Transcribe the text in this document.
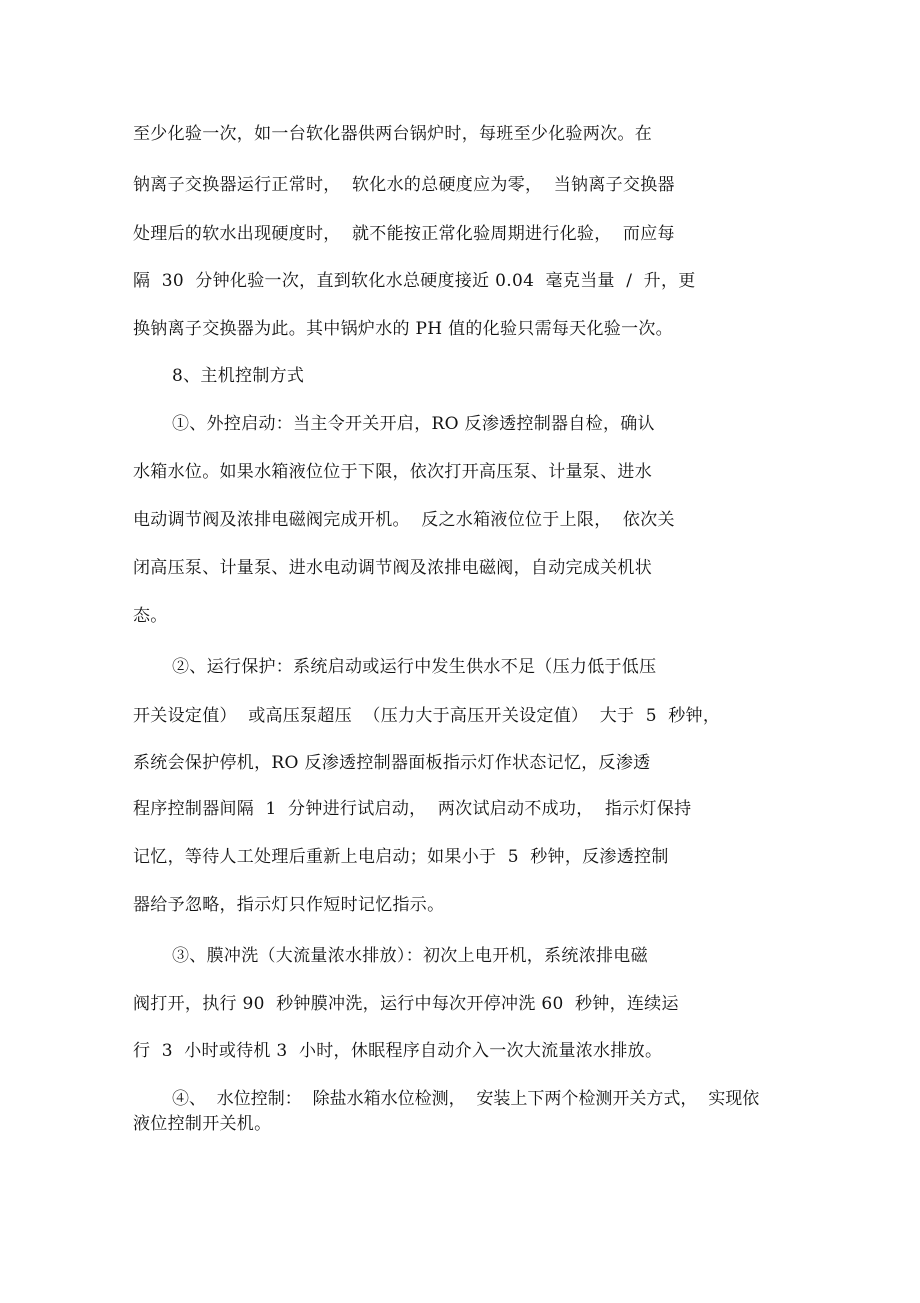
至少化验一次，如一台软化器供两台锅炉时，每班至少化验两次。在
钠离子交换器运行正常时，  软化水的总硬度应为零，  当钠离子交换器
处理后的软水出现硬度时，  就不能按正常化验周期进行化验，  而应每
隔  30  分钟化验一次，直到软化水总硬度接近 0.04  毫克当量  /  升，更
换钠离子交换器为此。其中锅炉水的 PH 值的化验只需每天化验一次。
8、主机控制方式
①、外控启动：当主令开关开启，RO 反渗透控制器自检，确认
水箱水位。如果水箱液位位于下限，依次打开高压泵、计量泵、进水
电动调节阀及浓排电磁阀完成开机。  反之水箱液位位于上限，  依次关
闭高压泵、计量泵、进水电动调节阀及浓排电磁阀，自动完成关机状
态。
②、运行保护：系统启动或运行中发生供水不足（压力低于低压
开关设定值）  或高压泵超压  （压力大于高压开关设定值）  大于  5  秒钟，
系统会保护停机，RO 反渗透控制器面板指示灯作状态记忆，反渗透
程序控制器间隔  1  分钟进行试启动，  两次试启动不成功，  指示灯保持
记忆，等待人工处理后重新上电启动；如果小于  5  秒钟，反渗透控制
器给予忽略，指示灯只作短时记忆指示。
③、膜冲洗（大流量浓水排放）：初次上电开机，系统浓排电磁
阀打开，执行 90  秒钟膜冲洗，运行中每次开停冲洗 60  秒钟，连续运
行  3  小时或待机 3  小时，休眠程序自动介入一次大流量浓水排放。
④、  水位控制：  除盐水箱水位检测，  安装上下两个检测开关方式，  实现依
液位控制开关机。
